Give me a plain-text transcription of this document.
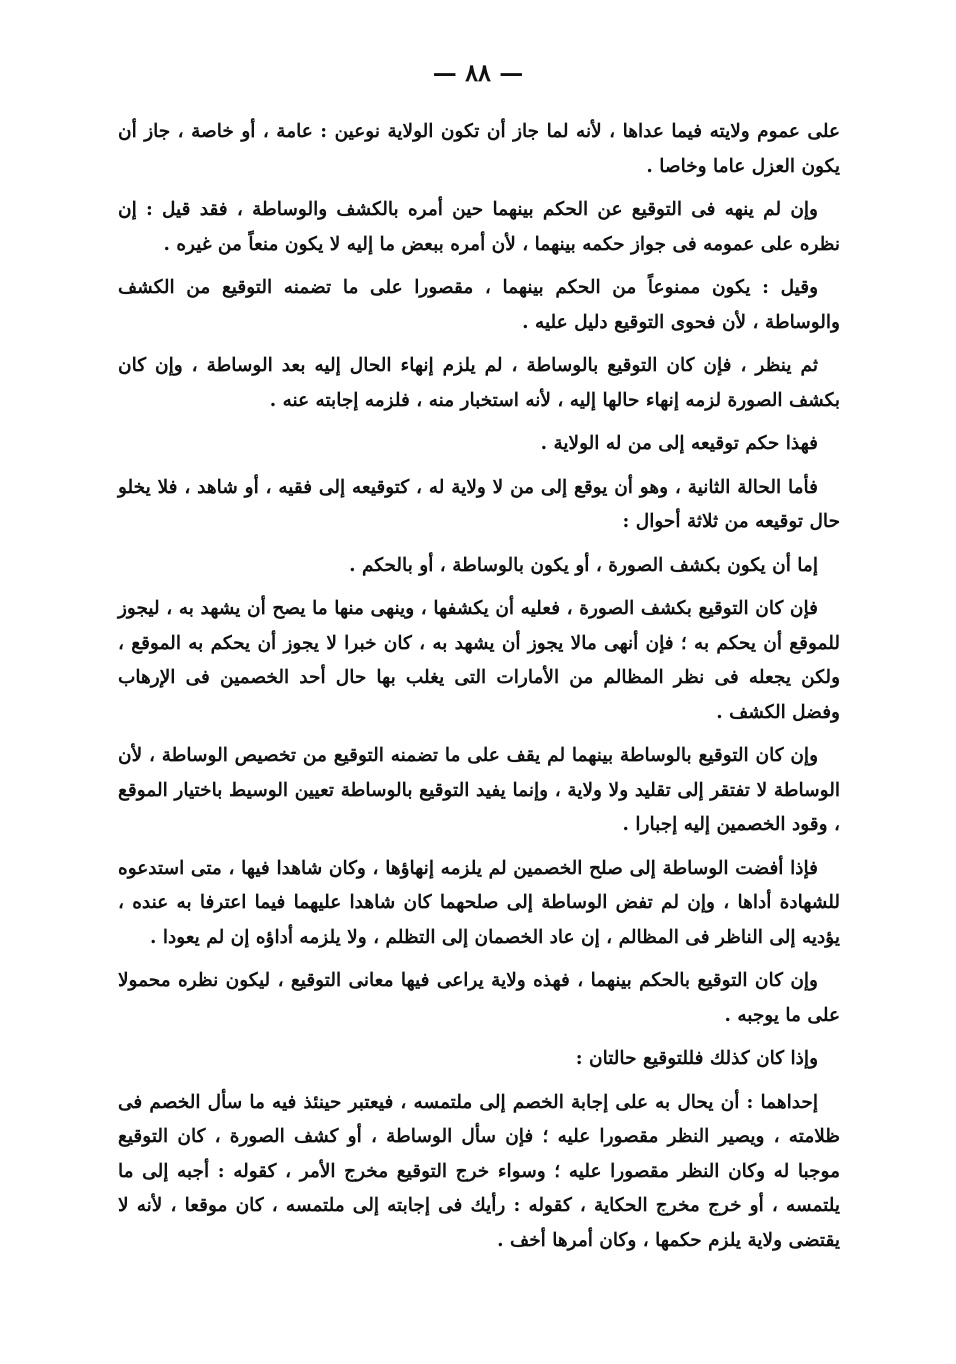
— ٨٨ —

على عموم ولايته فيما عداها ، لأنه لما جاز أن تكون الولاية نوعين : عامة ، أو خاصة ، جاز أن يكون العزل عاما وخاصا .

وإن لم ينهه فى التوقيع عن الحكم بينهما حين أمره بالكشف والوساطة ، فقد قيل : إن نظره على عمومه فى جواز حكمه بينهما ، لأن أمره ببعض ما إليه لا يكون منعاً من غيره .

وقيل : يكون ممنوعاً من الحكم بينهما ، مقصورا على ما تضمنه التوقيع من الكشف والوساطة ، لأن فحوى التوقيع دليل عليه .

ثم ينظر ، فإن كان التوقيع بالوساطة ، لم يلزم إنهاء الحال إليه بعد الوساطة ، وإن كان بكشف الصورة لزمه إنهاء حالها إليه ، لأنه استخبار منه ، فلزمه إجابته عنه .

فهذا حكم توقيعه إلى من له الولاية .

فأما الحالة الثانية ، وهو أن يوقع إلى من لا ولاية له ، كتوقيعه إلى فقيه ، أو شاهد ، فلا يخلو حال توقيعه من ثلاثة أحوال :

إما أن يكون بكشف الصورة ، أو يكون بالوساطة ، أو بالحكم .

فإن كان التوقيع بكشف الصورة ، فعليه أن يكشفها ، وينهى منها ما يصح أن يشهد به ، ليجوز للموقع أن يحكم به ؛ فإن أنهى مالا يجوز أن يشهد به ، كان خبرا لا يجوز أن يحكم به الموقع ، ولكن يجعله فى نظر المظالم من الأمارات التى يغلب بها حال أحد الخصمين فى الإرهاب وفضل الكشف .

وإن كان التوقيع بالوساطة بينهما لم يقف على ما تضمنه التوقيع من تخصيص الوساطة ، لأن الوساطة لا تفتقر إلى تقليد ولا ولاية ، وإنما يفيد التوقيع بالوساطة تعيين الوسيط باختيار الموقع ، وقود الخصمين إليه إجبارا .

فإذا أفضت الوساطة إلى صلح الخصمين لم يلزمه إنهاؤها ، وكان شاهدا فيها ، متى استدعوه للشهادة أداها ، وإن لم تفض الوساطة إلى صلحهما كان شاهدا عليهما فيما اعترفا به عنده ، يؤديه إلى الناظر فى المظالم ، إن عاد الخصمان إلى التظلم ، ولا يلزمه أداؤه إن لم يعودا .

وإن كان التوقيع بالحكم بينهما ، فهذه ولاية يراعى فيها معانى التوقيع ، ليكون نظره محمولا على ما يوجبه .

وإذا كان كذلك فللتوقيع حالتان :

إحداهما : أن يحال به على إجابة الخصم إلى ملتمسه ، فيعتبر حينئذ فيه ما سأل الخصم فى ظلامته ، ويصير النظر مقصورا عليه ؛ فإن سأل الوساطة ، أو كشف الصورة ، كان التوقيع موجبا له وكان النظر مقصورا عليه ؛ وسواء خرج التوقيع مخرج الأمر ، كقوله : أجبه إلى ما يلتمسه ، أو خرج مخرج الحكاية ، كقوله : رأيك فى إجابته إلى ملتمسه ، كان موقعا ، لأنه لا يقتضى ولاية يلزم حكمها ، وكان أمرها أخف .
